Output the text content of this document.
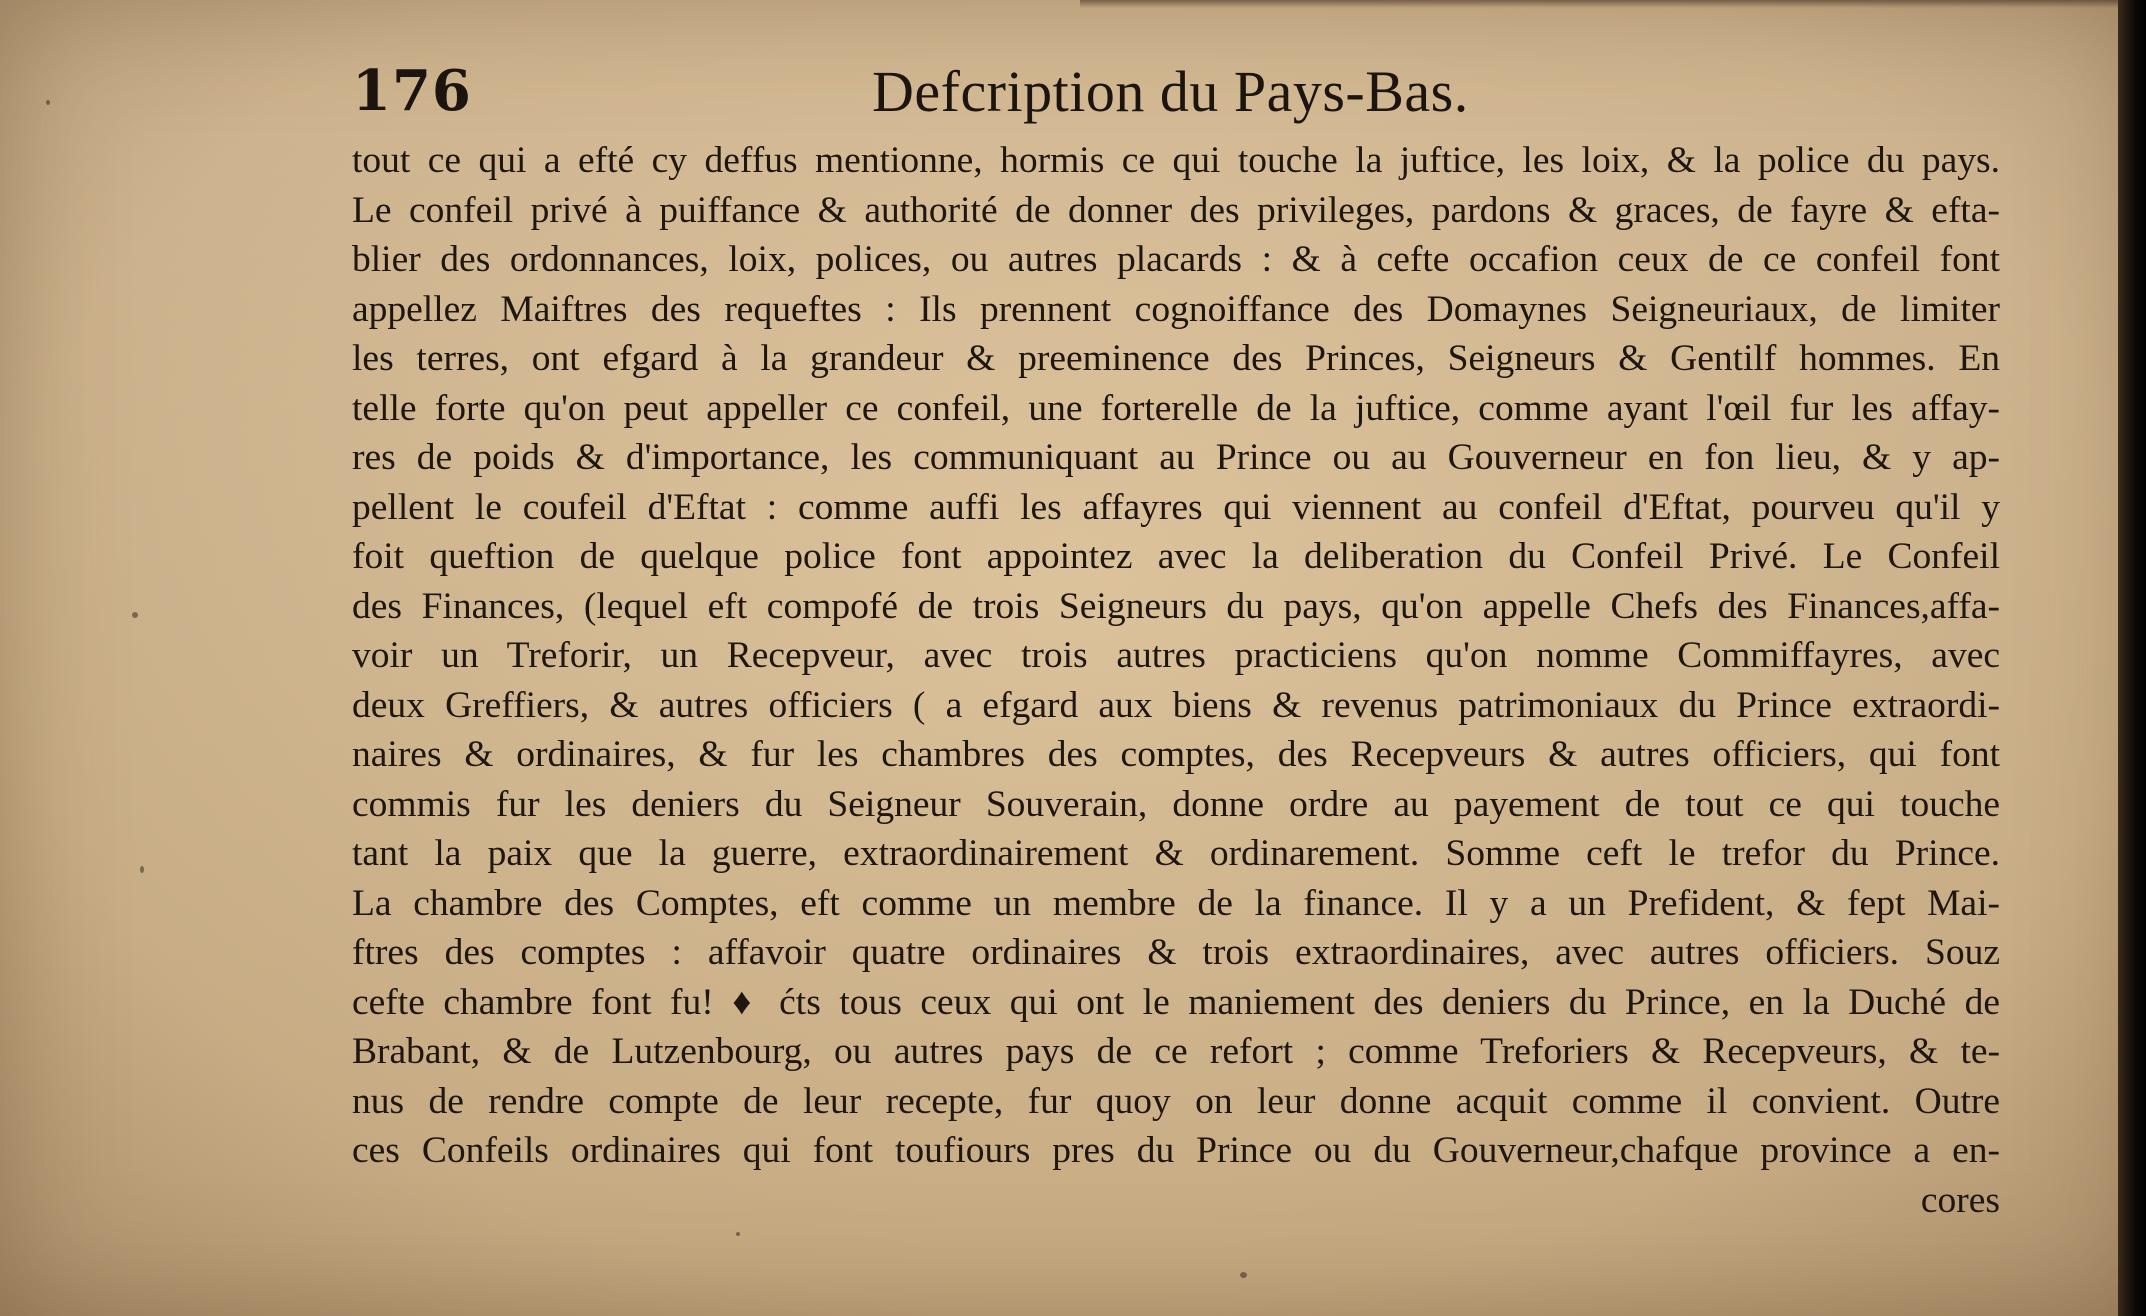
176	Defcription du Pays-Bas.
tout ce qui a efté cy deffus mentionne, hormis ce qui touche la juftice, les loix, & la police du pays.
Le confeil privé à puiffance & authorité de donner des privileges, pardons & graces, de fayre & efta-
blier des ordonnances, loix, polices, ou autres placards : & à cefte occafion ceux de ce confeil font
appellez Maiftres des requeftes : Ils prennent cognoiffance des Domaynes Seigneuriaux, de limiter
les terres, ont efgard à la grandeur & preeminence des Princes, Seigneurs & Gentilf hommes. En
telle forte qu'on peut appeller ce confeil, une forterelle de la juftice, comme ayant l'œil fur les affay-
res de poids & d'importance, les communiquant au Prince ou au Gouverneur en fon lieu, & y ap-
pellent le coufeil d'Eftat : comme auffi les affayres qui viennent au confeil d'Eftat, pourveu qu'il y
foit queftion de quelque police font appointez avec la deliberation du Confeil Privé. Le Confeil
des Finances, (lequel eft compofé de trois Seigneurs du pays, qu'on appelle Chefs des Finances,affa-
voir un Treforir, un Recepveur, avec trois autres practiciens qu'on nomme Commiffayres, avec
deux Greffiers, & autres officiers ( a efgard aux biens & revenus patrimoniaux du Prince extraordi-
naires & ordinaires, & fur les chambres des comptes, des Recepveurs & autres officiers, qui font
commis fur les deniers du Seigneur Souverain, donne ordre au payement de tout ce qui touche
tant la paix que la guerre, extraordinairement & ordinarement. Somme ceft le trefor du Prince.
La chambre des Comptes, eft comme un membre de la finance. Il y a un Prefident, & fept Mai-
ftres des comptes : affavoir quatre ordinaires & trois extraordinaires, avec autres officiers. Souz
cefte chambre font fu! ♦ ćts tous ceux qui ont le maniement des deniers du Prince, en la Duché de
Brabant, & de Lutzenbourg, ou autres pays de ce refort ; comme Treforiers & Recepveurs, & te-
nus de rendre compte de leur recepte, fur quoy on leur donne acquit comme il convient. Outre
ces Confeils ordinaires qui font toufiours pres du Prince ou du Gouverneur,chafque province a en-
cores
